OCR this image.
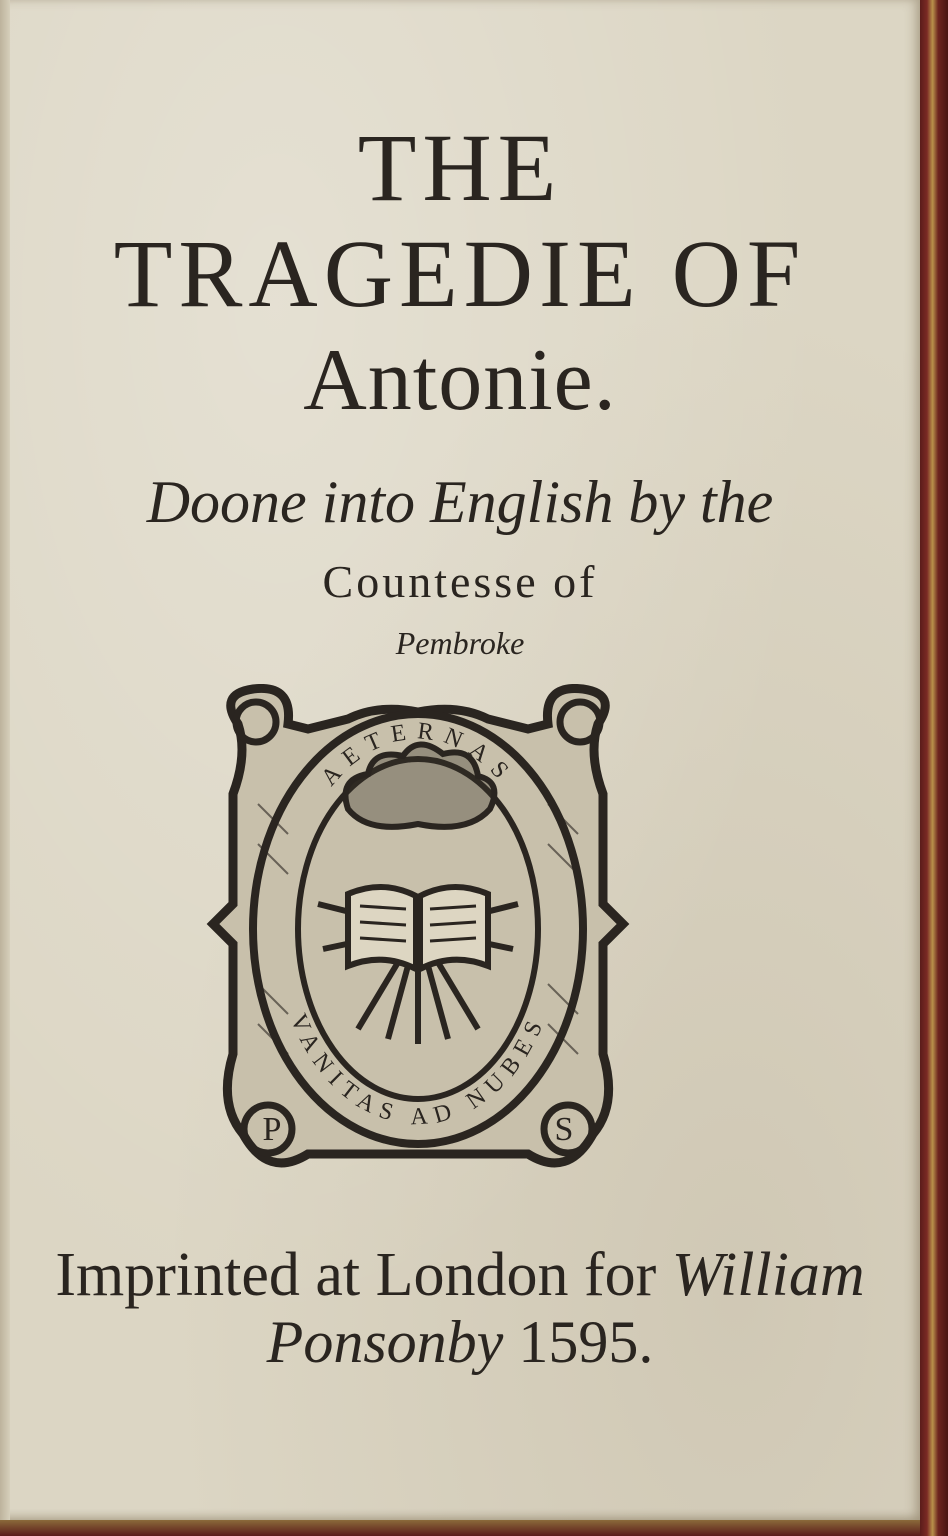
THE
TRAGEDIE OF
Antonie.
Doone into English by the
Countesse of
Pembroke
AETERNAS
VANITAS AD NUBES
P	S
Imprinted at London for William
Ponsonby 1595.
